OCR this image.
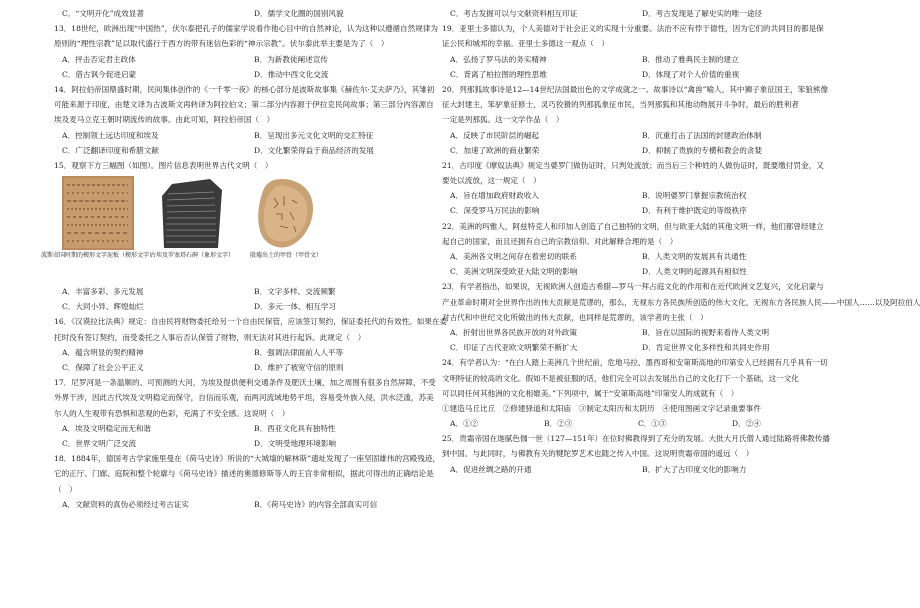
C．“文明开化”成效显著	D．儒学文化圈的国别风貌
13．18世纪，欧洲出现“中国热”，伏尔泰把孔子的儒家学说看作他心目中的自然神论，认为这种以遵循自然规律为
原则的“理性宗教”足以取代盛行于西方的带有迷信色彩的“神示宗教”。伏尔泰此举主要是为了（　）
A．抨击否定君主政体	B．为新教徒阐述宣传
C．借古讽今促进启蒙	D．推动中西文化交流
14．阿拉伯帝国鼎盛时期，民间集体创作的《一千零一夜》的核心部分是波斯故事集《赫佐尔·艾夫萨乃》，其雏初
可能来源于印度，由楚文译为古波斯文再转译为阿拉伯文；第二部分内容源于伊拉克民间故事；第三部分内容源自
埃及麦马立克王朝时期流传的故事。由此可知，阿拉伯帝国（　）
A．控制领土远达印度和埃及	B．呈现出多元文化文明的交汇特征
C．广泛翻译印度和希腊文献	D．文化繁荣得益于商品经济的发展
15．观察下方三幅图（如图）。图片信息表明世界古代文明（　）
波斯帝国时期的楔形文字泥板（楔形文字）
古埃及罗塞塔石碑（象形文字）	殷墟出土的甲骨（甲骨文）
A．丰富多彩、多元发展	B．文字多样、交流频繁
C．大同小异、辉煌灿烂	D．多元一体、相互学习
16．《汉谟拉比法典》规定：自由民将财物委托给另一个自由民保管，应该签订契约，保证委托代的有效性。如果在委
托时没有签订契约，而受委托之人事后否认保管了财物，则无法对其进行起诉。此规定（　）
A．蕴含明显的契约精神	B．强调法律面前人人平等
C．保障了社会公平正义	D．维护了被宽守信的原则
17．尼罗河是一条温顺的、可预测的大河，为埃及提供便利交通条件及肥沃土壤，加之周围有很多自然屏障，不受
外界干涉，因此古代埃及文明稳定而保守，自信而乐观，而两河流域地势平坦，容易受外族入侵，洪水泛滥，苏美
尔人的人生观带有恐惧和悲观的色彩，充满了不安全感。这说明（　）
A．埃及文明稳定而无和谐	B．西亚文化具有独特性
C．世界文明广泛交流	D．文明受地理环境影响
18．1884年，德国考古学家施里曼在《荷马史诗》所说的“大城墙的解林斯”遗址发现了一座坚固雄伟的宫殿残迹，
它的正厅、门廊、庭院和整个轮廓与《荷马史诗》描述的奥德修斯等人的王宫非常相似，据此可得出的正确结论是
（　）
A．文献资料的真伪必须经过考古证实	B．《荷马史诗》的内容全部真实可信
C．考古发掘可以与文献资料相互印证	D．考古发现是了解史实的唯一途径
19．亚里士多德认为，个人美德对于社会正义的实现十分重要。法治不应有悖于德性，因为它们的共同目的都是保
证公民和城邦的幸福。亚里士多德这一观点（　）
A．弘扬了罗马法的务实精神	B．推动了雅典民主制的建立
C．背离了柏拉图的理性思维	D．体现了对个人价值的重视
20．列那狐故事诗是12—14世纪法国最出色的文学成就之一。故事诗以“禽兽”喻人，其中狮子象征国王，笨狼熊像
征大封建主，笨驴象征修士，灵巧狡猾的列那狐象征市民，当列那狐和其他动物展开斗争时，最后的胜利者
一定是列那狐。这一文学作品（　）
A．反映了市民阶层的崛起	B．沉重打击了法国的封建政治体制
C．加速了欧洲的商业繁荣	D．抑制了贵族的专横和教会的贪婪
21．古印度《摩奴法典》规定当婆罗门做伪证时，只判处流放；而当后三个种姓的人做伪证时，既要缴付罚金，又
要处以流放，这一规定（　）
A．旨在增加政府财政收入	B．说明婆罗门掌握宗教统治权
C．深受罗马万民法的影响	D．有利于维护既定的等级秩序
22．美洲的玛雅人，阿兹特克人和印加人创造了自己独特的文明，但与欧亚大陆的其他文明一样，他们都曾经建立
起自己的国家，而且还拥有自己的宗教信仰。对此解释合理的是（　）
A．美洲各文明之间存在着密切的联系	B．人类文明的发展具有共通性
C．美洲文明深受欧亚大陆文明的影响	D．人类文明的起源具有相似性
23．有学者指出，如果说，无视欧洲人创造古希腊—罗马一拜占庭文化的作用和在近代欧洲文艺复兴，文化启蒙与
产业革命时期对全世界作出的伟大贡献是荒谬的，那么，无视东方各民族所创造的伟大文化，无视东方各民族人民——中国人……以及阿拉伯人
对古代和中世纪文化所做出的伟大贡献，也同样是荒谬的，该学者的主张（　）
A．折射出世界各民族开放的对外政策	B．旨在以国际的视野来看待人类文明
C．印证了古代亚欧文明繁荣不断扩大	D．肯定世界文化多样性和共同史作用
24．有学者认为：“在白人踏上美洲几个世纪前，危地马拉、墨西哥和安第斯高地的印第安人已经拥有几乎具有一切
文明特征的较高的文化。假如不是被征服的话，他们完全可以去发展出自己的文化打下一个基础，这一文化
可以同任何其他洲的文化相媲美。”下列项中，属于“安第斯高地”印第安人的成就有（　）
①建造马丘比丘　②修建驿道和太阳庙　③制定太阳历和太阴历　④使用图画文字记录重要事件
A．①②	B．②③	C．①③	D．②④
25．贵霜帝国在迦腻色伽一世（127—151年）在位时佛教得到了充分的发展。大批大月氏僧人通过陆路将佛教传播
到中国。与此同时，与佛教有关的犍陀罗艺术也随之传入中国。这说明贵霜帝国的遥远（　）
A．促进丝绸之路的开通	B．扩大了古印度文化的影响力
